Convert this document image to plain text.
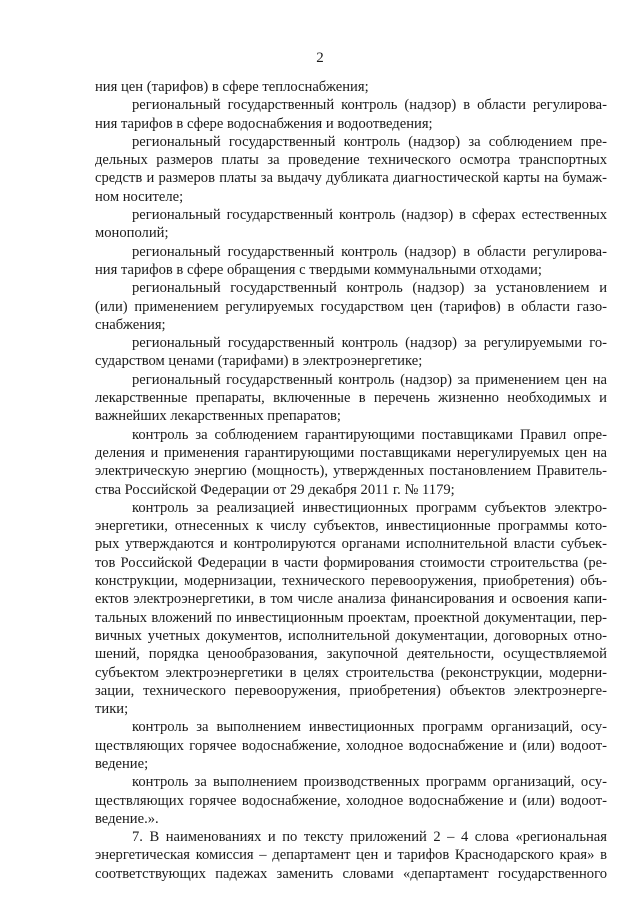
2
ния цен (тарифов) в сфере теплоснабжения;
региональный государственный контроль (надзор) в области регулирова-
ния тарифов в сфере водоснабжения и водоотведения;
региональный государственный контроль (надзор) за соблюдением пре-
дельных размеров платы за проведение технического осмотра транспортных
средств и размеров платы за выдачу дубликата диагностической карты на бумаж-
ном носителе;
региональный государственный контроль (надзор) в сферах естественных
монополий;
региональный государственный контроль (надзор) в области регулирова-
ния тарифов в сфере обращения с твердыми коммунальными отходами;
региональный государственный контроль (надзор) за установлением и
(или) применением регулируемых государством цен (тарифов) в области газо-
снабжения;
региональный государственный контроль (надзор) за регулируемыми го-
сударством ценами (тарифами) в электроэнергетике;
региональный государственный контроль (надзор) за применением цен на
лекарственные препараты, включенные в перечень жизненно необходимых и
важнейших лекарственных препаратов;
контроль за соблюдением гарантирующими поставщиками Правил опре-
деления и применения гарантирующими поставщиками нерегулируемых цен на
электрическую энергию (мощность), утвержденных постановлением Правитель-
ства Российской Федерации от 29 декабря 2011 г. № 1179;
контроль за реализацией инвестиционных программ субъектов электро-
энергетики, отнесенных к числу субъектов, инвестиционные программы кото-
рых утверждаются и контролируются органами исполнительной власти субъек-
тов Российской Федерации в части формирования стоимости строительства (ре-
конструкции, модернизации, технического перевооружения, приобретения) объ-
ектов электроэнергетики, в том числе анализа финансирования и освоения капи-
тальных вложений по инвестиционным проектам, проектной документации, пер-
вичных учетных документов, исполнительной документации, договорных отно-
шений, порядка ценообразования, закупочной деятельности, осуществляемой
субъектом электроэнергетики в целях строительства (реконструкции, модерни-
зации, технического перевооружения, приобретения) объектов электроэнерге-
тики;
контроль за выполнением инвестиционных программ организаций, осу-
ществляющих горячее водоснабжение, холодное водоснабжение и (или) водоот-
ведение;
контроль за выполнением производственных программ организаций, осу-
ществляющих горячее водоснабжение, холодное водоснабжение и (или) водоот-
ведение.».
7. В наименованиях и по тексту приложений 2 – 4 слова «региональная
энергетическая комиссия – департамент цен и тарифов Краснодарского края» в
соответствующих падежах заменить словами «департамент государственного
